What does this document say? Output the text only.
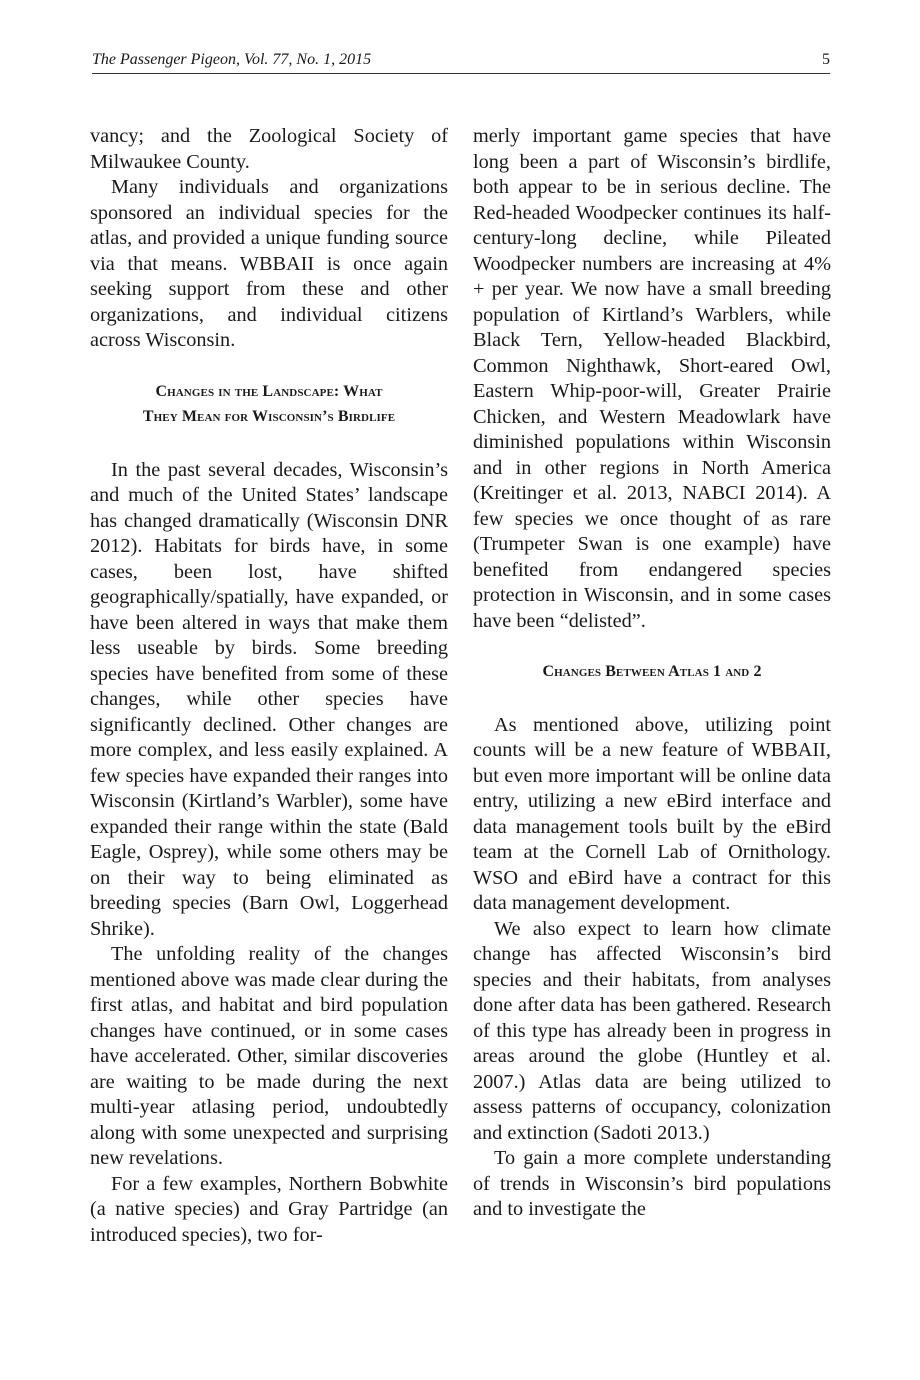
The Passenger Pigeon, Vol. 77, No. 1, 2015	5

vancy; and the Zoological Society of Milwaukee County.

Many individuals and organizations sponsored an individual species for the atlas, and provided a unique funding source via that means. WBBAII is once again seeking support from these and other organizations, and individual citizens across Wisconsin.

Changes in the Landscape: What
They Mean for Wisconsin’s Birdlife

In the past several decades, Wisconsin’s and much of the United States’ landscape has changed dramatically (Wisconsin DNR 2012). Habitats for birds have, in some cases, been lost, have shifted geographically/spatially, have expanded, or have been altered in ways that make them less useable by birds. Some breeding species have benefited from some of these changes, while other species have significantly declined. Other changes are more complex, and less easily explained. A few species have expanded their ranges into Wisconsin (Kirtland’s Warbler), some have expanded their range within the state (Bald Eagle, Osprey), while some others may be on their way to being eliminated as breeding species (Barn Owl, Loggerhead Shrike).

The unfolding reality of the changes mentioned above was made clear during the first atlas, and habitat and bird population changes have continued, or in some cases have accelerated. Other, similar discoveries are waiting to be made during the next multi-year atlasing period, undoubtedly along with some unexpected and surprising new revelations.

For a few examples, Northern Bobwhite (a native species) and Gray Partridge (an introduced species), two for-

merly important game species that have long been a part of Wisconsin’s birdlife, both appear to be in serious decline. The Red-headed Woodpecker continues its half-century-long decline, while Pileated Woodpecker numbers are increasing at 4% + per year. We now have a small breeding population of Kirtland’s Warblers, while Black Tern, Yellow-headed Blackbird, Common Nighthawk, Short-eared Owl, Eastern Whip-poor-will, Greater Prairie Chicken, and Western Meadowlark have diminished populations within Wisconsin and in other regions in North America (Kreitinger et al. 2013, NABCI 2014). A few species we once thought of as rare (Trumpeter Swan is one example) have benefited from endangered species protection in Wisconsin, and in some cases have been “delisted”.

Changes Between Atlas 1 and 2

As mentioned above, utilizing point counts will be a new feature of WBBAII, but even more important will be online data entry, utilizing a new eBird interface and data management tools built by the eBird team at the Cornell Lab of Ornithology. WSO and eBird have a contract for this data management development.

We also expect to learn how climate change has affected Wisconsin’s bird species and their habitats, from analyses done after data has been gathered. Research of this type has already been in progress in areas around the globe (Huntley et al. 2007.) Atlas data are being utilized to assess patterns of occupancy, colonization and extinction (Sadoti 2013.)

To gain a more complete understanding of trends in Wisconsin’s bird populations and to investigate the
